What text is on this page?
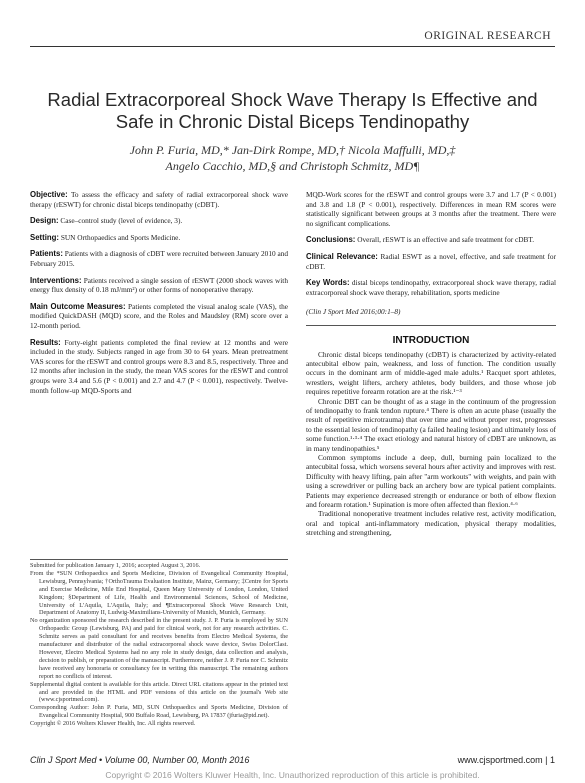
ORIGINAL RESEARCH
Radial Extracorporeal Shock Wave Therapy Is Effective and Safe in Chronic Distal Biceps Tendinopathy
John P. Furia, MD,* Jan-Dirk Rompe, MD,† Nicola Maffulli, MD,‡
Angelo Cacchio, MD,§ and Christoph Schmitz, MD¶

Objective: To assess the efficacy and safety of radial extracorporeal shock wave therapy (rESWT) for chronic distal biceps tendinopathy (cDBT).

Design: Case–control study (level of evidence, 3).

Setting: SUN Orthopaedics and Sports Medicine.

Patients: Patients with a diagnosis of cDBT were recruited between January 2010 and February 2015.

Interventions: Patients received a single session of rESWT (2000 shock waves with energy flux density of 0.18 mJ/mm²) or other forms of nonoperative therapy.

Main Outcome Measures: Patients completed the visual analog scale (VAS), the modified QuickDASH (MQD) score, and the Roles and Maudsley (RM) score over a 12-month period.

Results: Forty-eight patients completed the final review at 12 months and were included in the study. Subjects ranged in age from 30 to 64 years. Mean pretreatment VAS scores for the rESWT and control groups were 8.3 and 8.5, respectively. Three and 12 months after inclusion in the study, the mean VAS scores for the rESWT and control groups were 3.4 and 5.6 (P < 0.001) and 2.7 and 4.7 (P < 0.001), respectively. Twelve-month follow-up MQD-Sports and

Submitted for publication January 1, 2016; accepted August 3, 2016.

From the *SUN Orthopaedics and Sports Medicine, Division of Evangelical Community Hospital, Lewisburg, Pennsylvania; †OrthoTrauma Evaluation Institute, Mainz, Germany; ‡Centre for Sports and Exercise Medicine, Mile End Hospital, Queen Mary University of London, London, United Kingdom; §Department of Life, Health and Environmental Sciences, School of Medicine, University of L'Aquila, L'Aquila, Italy; and ¶Extracorporeal Shock Wave Research Unit, Department of Anatomy II, Ludwig-Maximilians-University of Munich, Munich, Germany.

No organization sponsored the research described in the present study. J. P. Furia is employed by SUN Orthopaedic Group (Lewisburg, PA) and paid for clinical work, not for any research activities. C. Schmitz serves as paid consultant for and receives benefits from Electro Medical Systems, the manufacturer and distributor of the radial extracorporeal shock wave device, Swiss DolorClast. However, Electro Medical Systems had no any role in study design, data collection and analysis, decision to publish, or preparation of the manuscript. Furthermore, neither J. P. Furia nor C. Schmitz have received any honoraria or consultancy fee in writing this manuscript. The remaining authors report no conflicts of interest.

Supplemental digital content is available for this article. Direct URL citations appear in the printed text and are provided in the HTML and PDF versions of this article on the journal's Web site (www.cjsportmed.com).

Corresponding Author: John P. Furia, MD, SUN Orthopaedics and Sports Medicine, Division of Evangelical Community Hospital, 900 Buffalo Road, Lewisburg, PA 17837 (jfuria@ptd.net).

Copyright © 2016 Wolters Kluwer Health, Inc. All rights reserved.

MQD-Work scores for the rESWT and control groups were 3.7 and 1.7 (P < 0.001) and 3.8 and 1.8 (P < 0.001), respectively. Differences in mean RM scores were statistically significant between groups at 3 months after the treatment. There were no significant complications.

Conclusions: Overall, rESWT is an effective and safe treatment for cDBT.

Clinical Relevance: Radial ESWT as a novel, effective, and safe treatment for cDBT.

Key Words: distal biceps tendinopathy, extracorporeal shock wave therapy, radial extracorporeal shock wave therapy, rehabilitation, sports medicine

(Clin J Sport Med 2016;00:1–8)

INTRODUCTION

Chronic distal biceps tendinopathy (cDBT) is characterized by activity-related antecubital elbow pain, weakness, and loss of function. The condition usually occurs in the dominant arm of middle-aged male adults.¹ Racquet sport athletes, wrestlers, weight lifters, archery athletes, body builders, and those whose job requires repetitive forearm rotation are at the risk.¹⁻³

Chronic DBT can be thought of as a stage in the continuum of the progression of tendinopathy to frank tendon rupture.⁴ There is often an acute phase (usually the result of repetitive microtrauma) that over time and without proper rest, progresses to the essential lesion of tendinopathy (a failed healing lesion) and ultimately loss of some function.¹·³·⁴ The exact etiology and natural history of cDBT are unknown, as in many tendinopathies.⁵

Common symptoms include a deep, dull, burning pain localized to the antecubital fossa, which worsens several hours after activity and improves with rest. Difficulty with heavy lifting, pain after "arm workouts" with weights, and pain with using a screwdriver or pulling back an archery bow are typical patient complaints. Patients may experience decreased strength or endurance or both of elbow flexion and forearm rotation.¹ Supination is more often affected than flexion.⁴·⁶

Traditional nonoperative treatment includes relative rest, activity modification, oral and topical anti-inflammatory medication, physical therapy modalities, stretching and strengthening,

Clin J Sport Med • Volume 00, Number 00, Month 2016	www.cjsportmed.com | 1
Copyright © 2016 Wolters Kluwer Health, Inc. Unauthorized reproduction of this article is prohibited.
